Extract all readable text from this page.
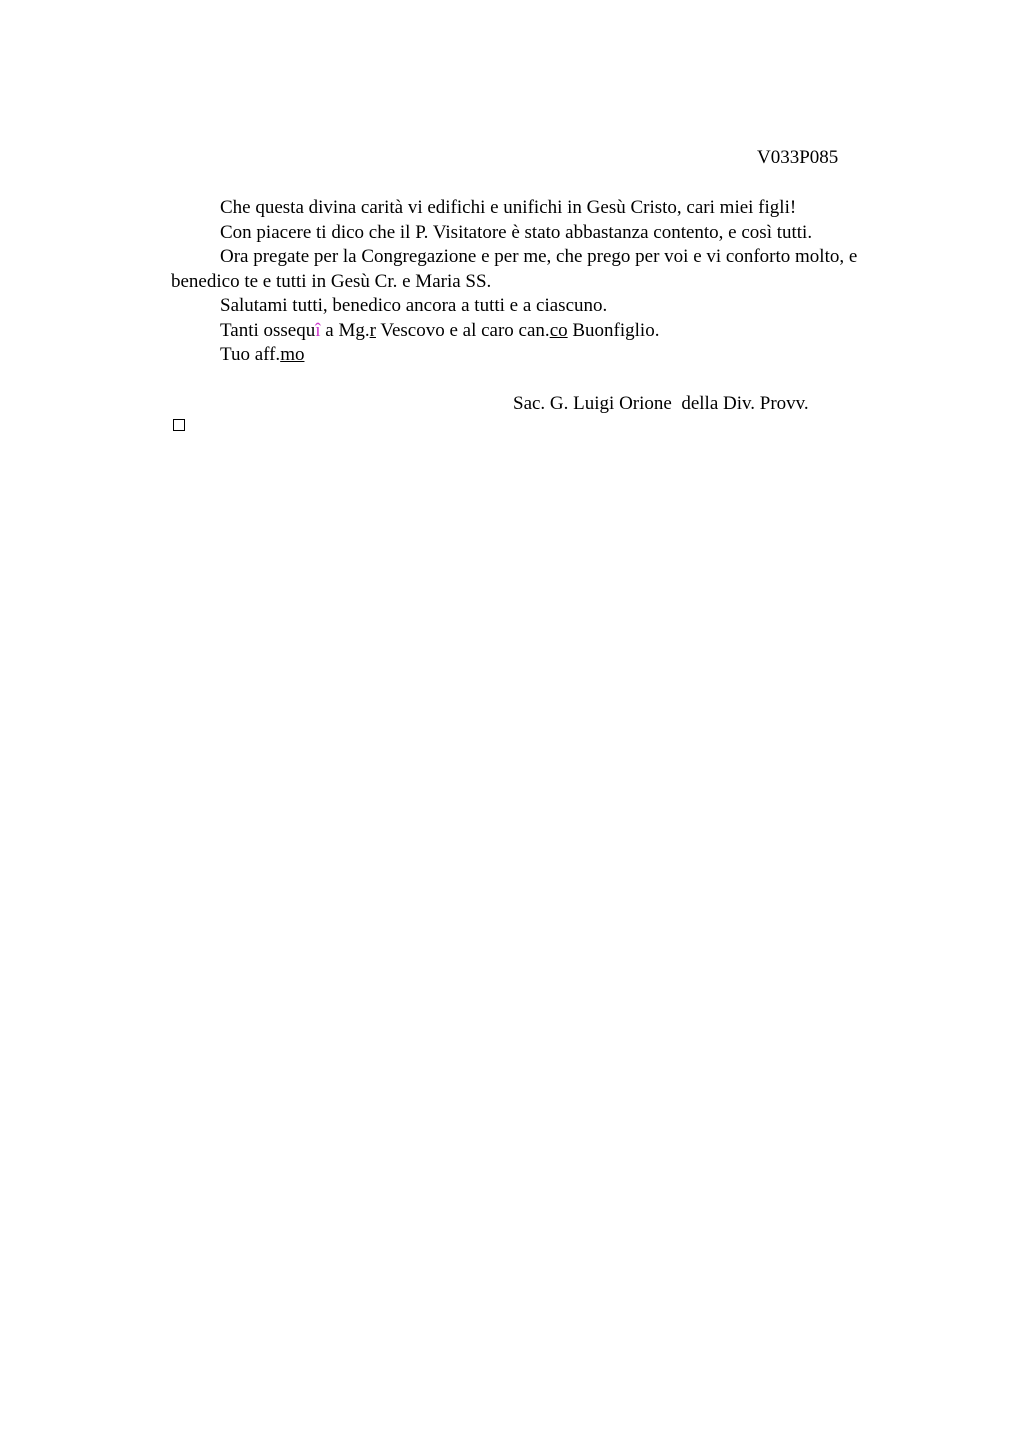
V033P085

Che questa divina carità vi edifichi e unifichi in Gesù Cristo, cari miei figli!

Con piacere ti dico che il P. Visitatore è stato abbastanza contento, e così tutti.

Ora pregate per la Congregazione e per me, che prego per voi e vi conforto molto, e benedico te e tutti in Gesù Cr. e Maria SS.

Salutami tutti, benedico ancora a tutti e a ciascuno.

Tanti ossequî a Mg.r Vescovo e al caro can.co Buonfiglio.

Tuo aff.mo

Sac. G. Luigi Orione  della Div. Provv.
